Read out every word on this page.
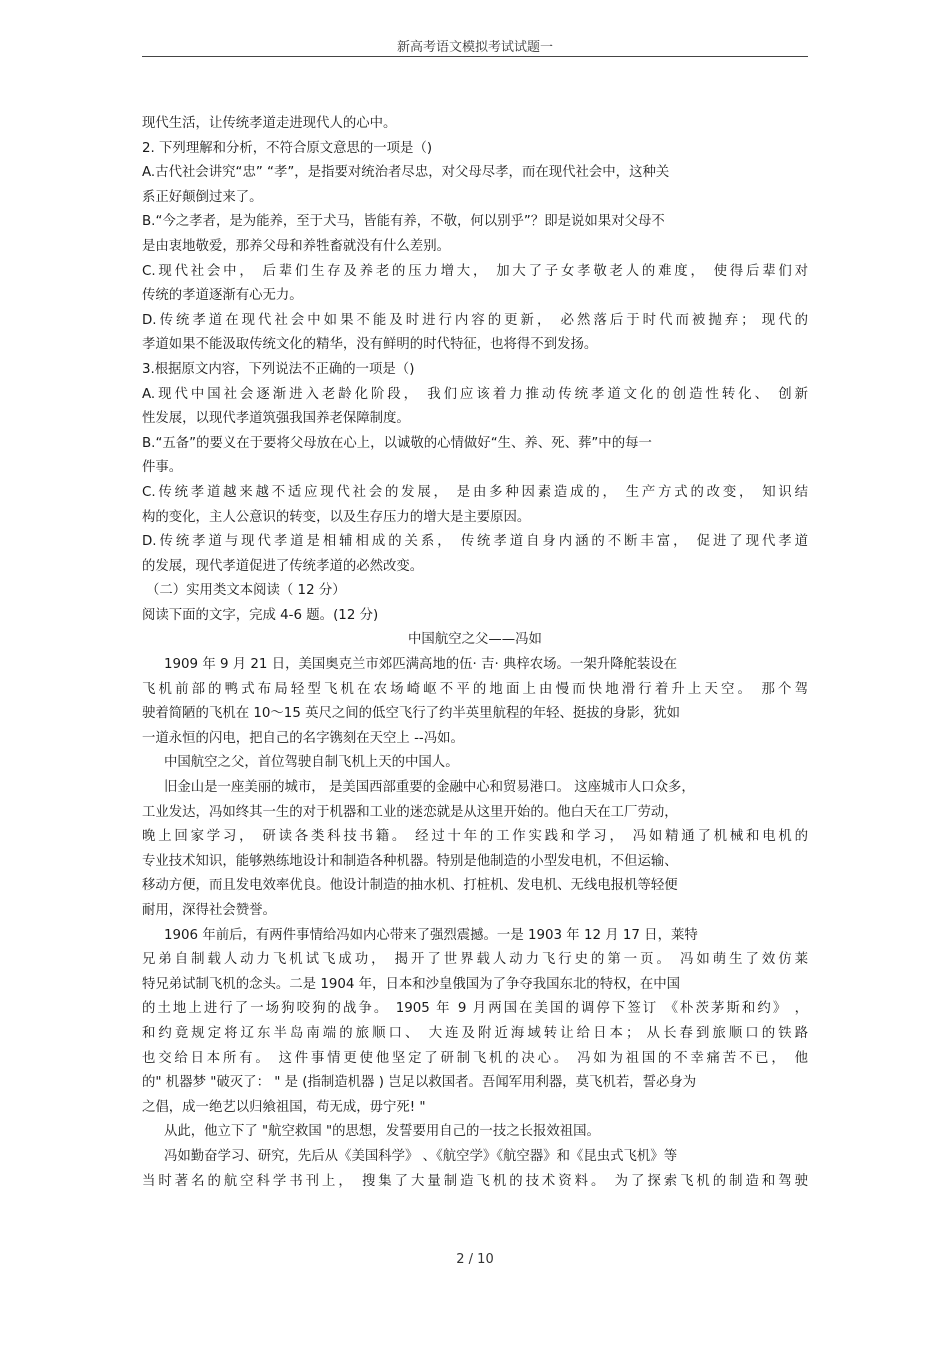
新高考语文模拟考试试题一
现代生活，让传统孝道走进现代人的心中。
2. 下列理解和分析，不符合原文意思的一项是（)
A.古代社会讲究“忠” “孝”，是指要对统治者尽忠，对父母尽孝，而在现代社会中，这种关
系正好颠倒过来了。
B.“今之孝者，是为能养，至于犬马，皆能有养，不敬，何以别乎”？即是说如果对父母不
是由衷地敬爱，那养父母和养牲畜就没有什么差别。
C.现代社会中， 后辈们生存及养老的压力增大， 加大了子女孝敬老人的难度， 使得后辈们对
传统的孝道逐渐有心无力。
D.传统孝道在现代社会中如果不能及时进行内容的更新， 必然落后于时代而被抛弃； 现代的
孝道如果不能汲取传统文化的精华，没有鲜明的时代特征，也将得不到发扬。
3.根据原文内容，下列说法不正确的一项是（)
A.现代中国社会逐渐进入老龄化阶段， 我们应该着力推动传统孝道文化的创造性转化、 创新
性发展，以现代孝道筑强我国养老保障制度。
B.“五备”的要义在于要将父母放在心上，以诚敬的心情做好“生、养、死、葬”中的每一
件事。
C.传统孝道越来越不适应现代社会的发展， 是由多种因素造成的， 生产方式的改变， 知识结
构的变化，主人公意识的转变，以及生存压力的增大是主要原因。
D.传统孝道与现代孝道是相辅相成的关系， 传统孝道自身内涵的不断丰富， 促进了现代孝道
的发展，现代孝道促进了传统孝道的必然改变。
（二）实用类文本阅读（ 12 分）
阅读下面的文字，完成 4-6 题。(12 分)
中国航空之父——冯如
1909 年 9 月 21 日，美国奥克兰市郊匹满高地的伍· 吉· 典梓农场。一架升降舵装设在
飞机前部的鸭式布局轻型飞机在农场崎岖不平的地面上由慢而快地滑行着升上天空。 那个驾
驶着简陋的飞机在 10～15 英尺之间的低空飞行了约半英里航程的年轻、挺拔的身影，犹如
一道永恒的闪电，把自己的名字镌刻在天空上 --冯如。
中国航空之父，首位驾驶自制飞机上天的中国人。
旧金山是一座美丽的城市， 是美国西部重要的金融中心和贸易港口。 这座城市人口众多，
工业发达，冯如终其一生的对于机器和工业的迷恋就是从这里开始的。他白天在工厂劳动，
晚上回家学习， 研读各类科技书籍。 经过十年的工作实践和学习， 冯如精通了机械和电机的
专业技术知识，能够熟练地设计和制造各种机器。特别是他制造的小型发电机，不但运输、
移动方便，而且发电效率优良。他设计制造的抽水机、打桩机、发电机、无线电报机等轻便
耐用，深得社会赞誉。
1906 年前后，有两件事情给冯如内心带来了强烈震撼。一是 1903 年 12 月 17 日，莱特
兄弟自制载人动力飞机试飞成功， 揭开了世界载人动力飞行史的第一页。 冯如萌生了效仿莱
特兄弟试制飞机的念头。二是 1904 年，日本和沙皇俄国为了争夺我国东北的特权，在中国
的土地上进行了一场狗咬狗的战争。 1905 年 9 月两国在美国的调停下签订 《朴茨茅斯和约》 ，
和约竟规定将辽东半岛南端的旅顺口、 大连及附近海域转让给日本； 从长春到旅顺口的铁路
也交给日本所有。 这件事情更使他坚定了研制飞机的决心。 冯如为祖国的不幸痛苦不已， 他
的" 机器梦 "破灭了： " 是 (指制造机器 ) 岂足以救国者。吾闻军用利器，莫飞机若，誓必身为
之倡，成一绝艺以归飨祖国，苟无成，毋宁死! "
从此，他立下了 "航空救国 "的思想，发誓要用自己的一技之长报效祖国。
冯如勤奋学习、研究，先后从《美国科学》 、《航空学》《航空器》和《昆虫式飞机》等
当时著名的航空科学书刊上， 搜集了大量制造飞机的技术资料。 为了探索飞机的制造和驾驶
2 / 10
